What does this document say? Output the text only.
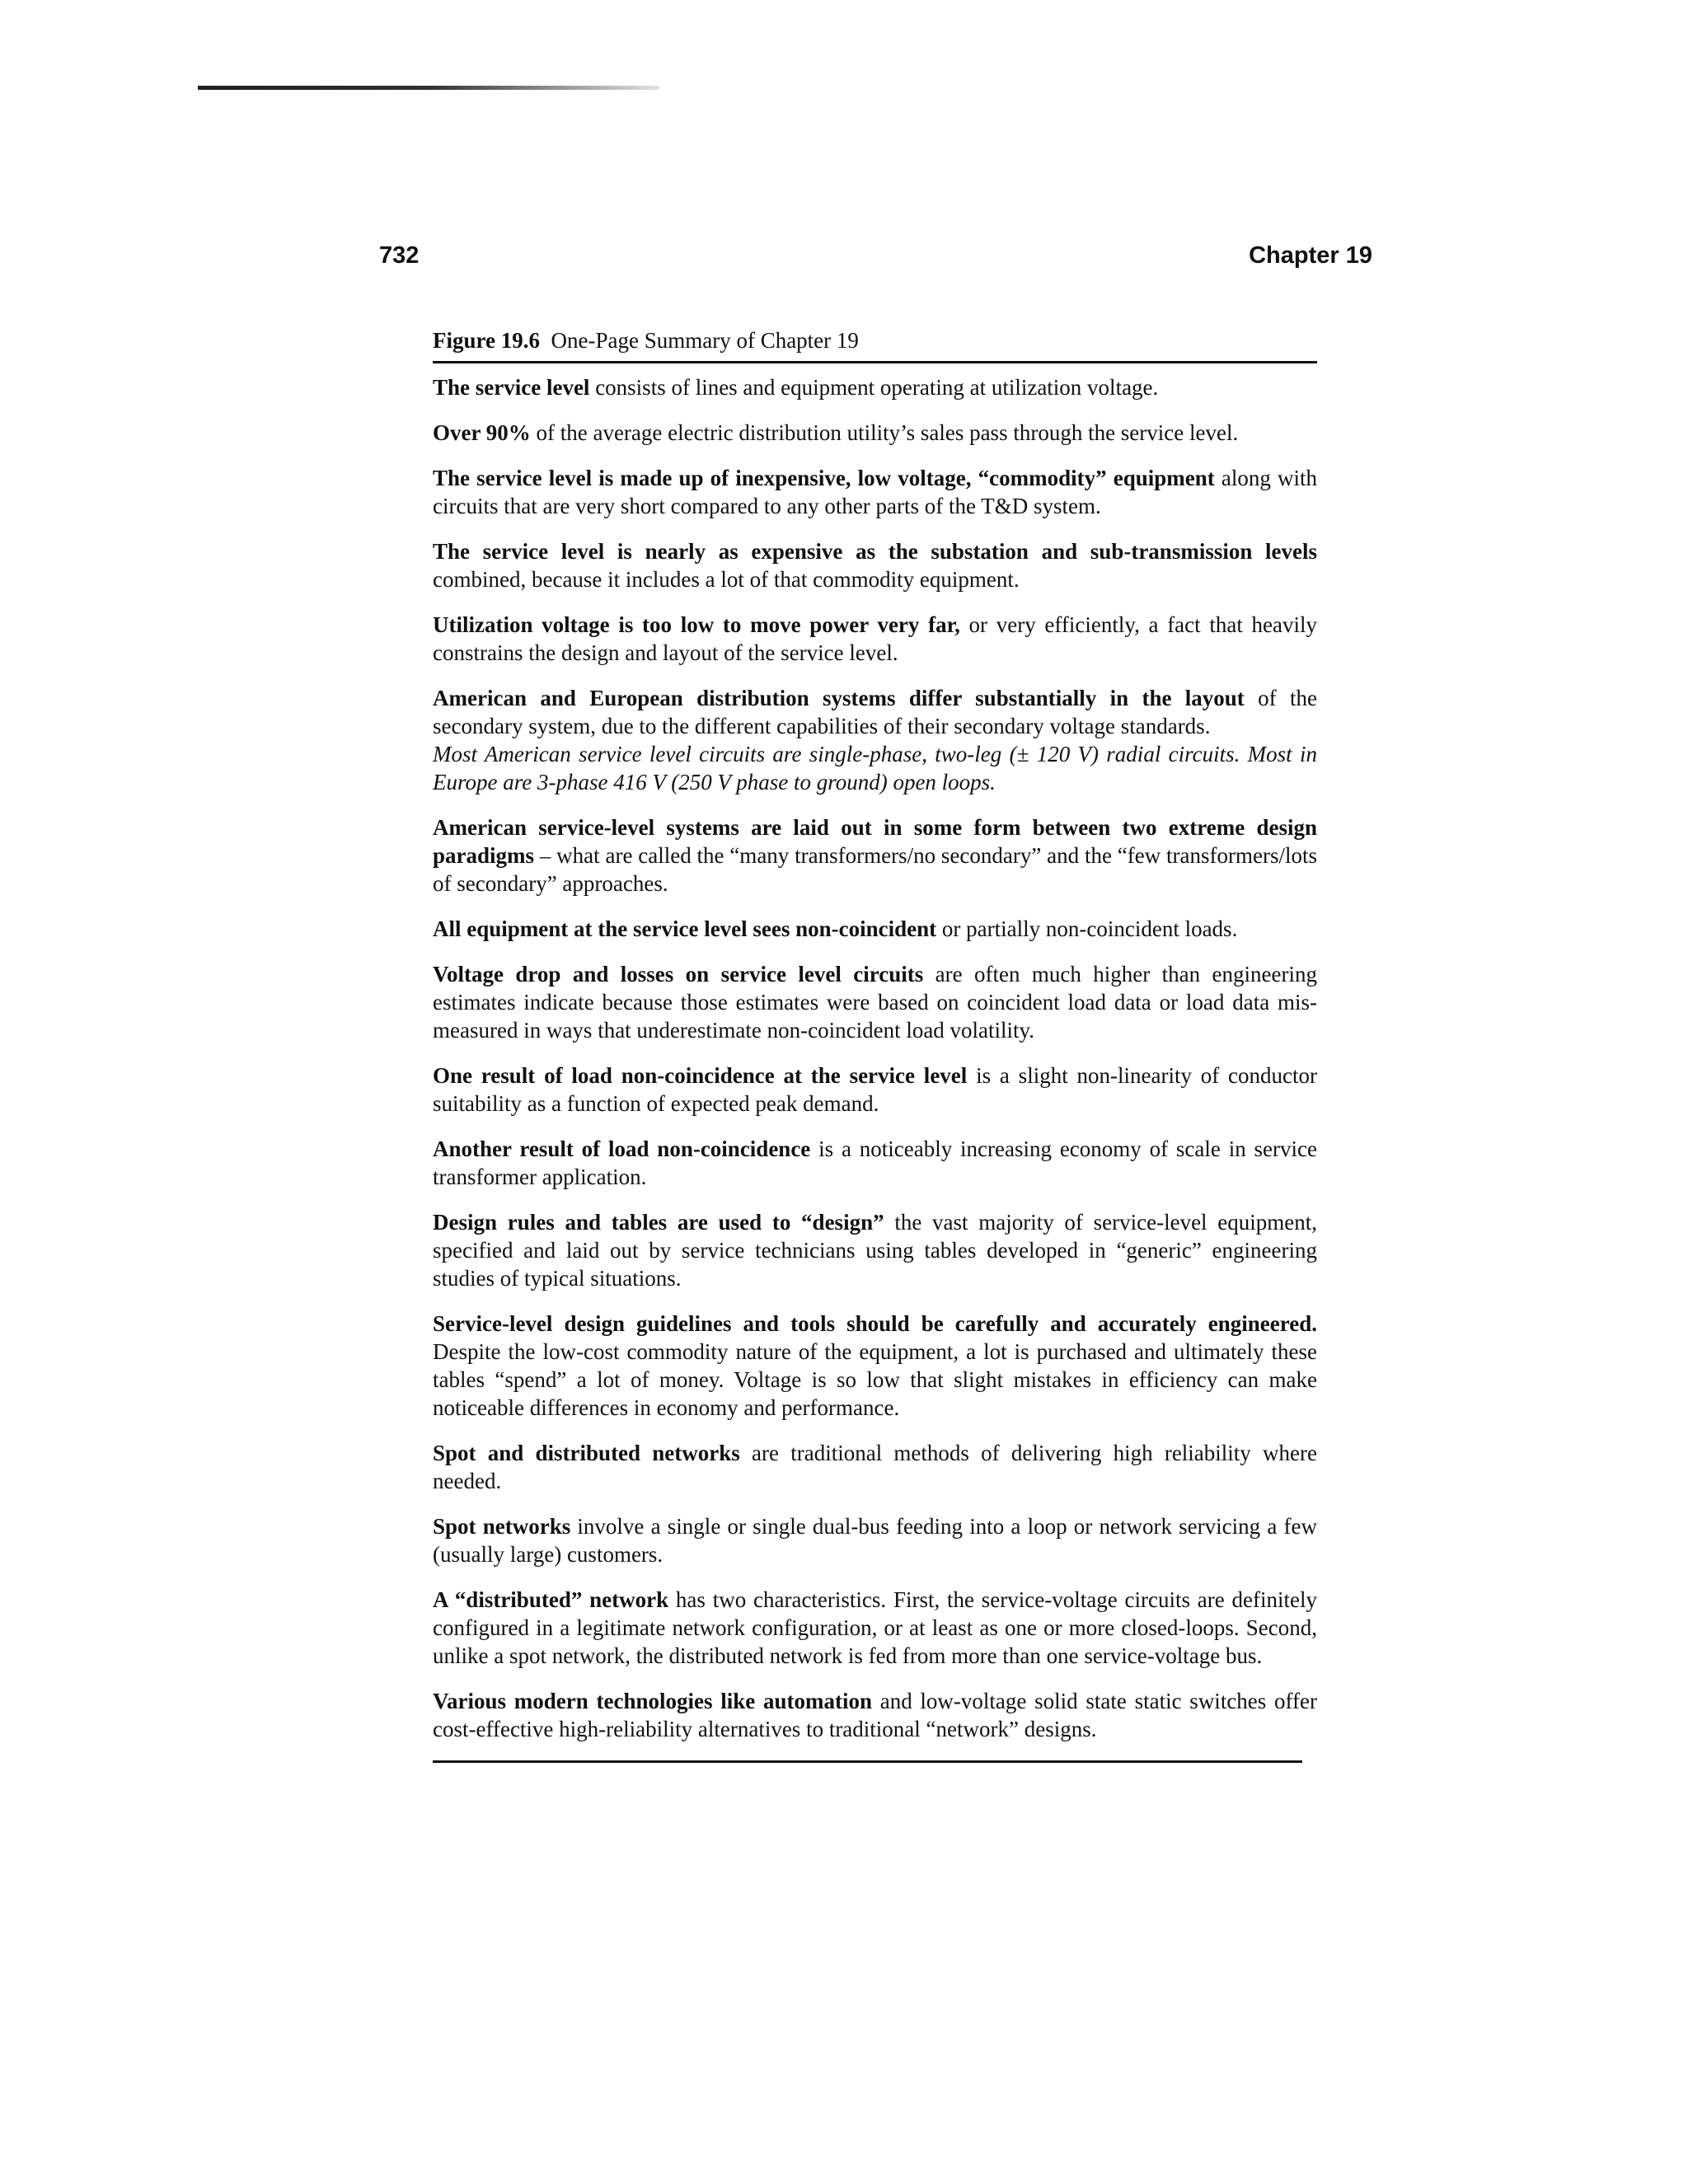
732	Chapter 19
Figure 19.6 One-Page Summary of Chapter 19

The service level consists of lines and equipment operating at utilization voltage.

Over 90% of the average electric distribution utility’s sales pass through the service level.

The service level is made up of inexpensive, low voltage, “commodity” equipment along with circuits that are very short compared to any other parts of the T&D system.

The service level is nearly as expensive as the substation and sub-transmission levels combined, because it includes a lot of that commodity equipment.

Utilization voltage is too low to move power very far, or very efficiently, a fact that heavily constrains the design and layout of the service level.

American and European distribution systems differ substantially in the layout of the secondary system, due to the different capabilities of their secondary voltage standards.
Most American service level circuits are single-phase, two-leg (± 120 V) radial circuits. Most in Europe are 3-phase 416 V (250 V phase to ground) open loops.

American service-level systems are laid out in some form between two extreme design paradigms – what are called the “many transformers/no secondary” and the “few transformers/lots of secondary” approaches.

All equipment at the service level sees non-coincident or partially non-coincident loads.

Voltage drop and losses on service level circuits are often much higher than engineering estimates indicate because those estimates were based on coincident load data or load data mis-measured in ways that underestimate non-coincident load volatility.

One result of load non-coincidence at the service level is a slight non-linearity of conductor suitability as a function of expected peak demand.

Another result of load non-coincidence is a noticeably increasing economy of scale in service transformer application.

Design rules and tables are used to “design” the vast majority of service-level equipment, specified and laid out by service technicians using tables developed in “generic” engineering studies of typical situations.

Service-level design guidelines and tools should be carefully and accurately engineered. Despite the low-cost commodity nature of the equipment, a lot is purchased and ultimately these tables “spend” a lot of money. Voltage is so low that slight mistakes in efficiency can make noticeable differences in economy and performance.

Spot and distributed networks are traditional methods of delivering high reliability where needed.

Spot networks involve a single or single dual-bus feeding into a loop or network servicing a few (usually large) customers.

A “distributed” network has two characteristics. First, the service-voltage circuits are definitely configured in a legitimate network configuration, or at least as one or more closed-loops. Second, unlike a spot network, the distributed network is fed from more than one service-voltage bus.

Various modern technologies like automation and low-voltage solid state static switches offer cost-effective high-reliability alternatives to traditional “network” designs.
